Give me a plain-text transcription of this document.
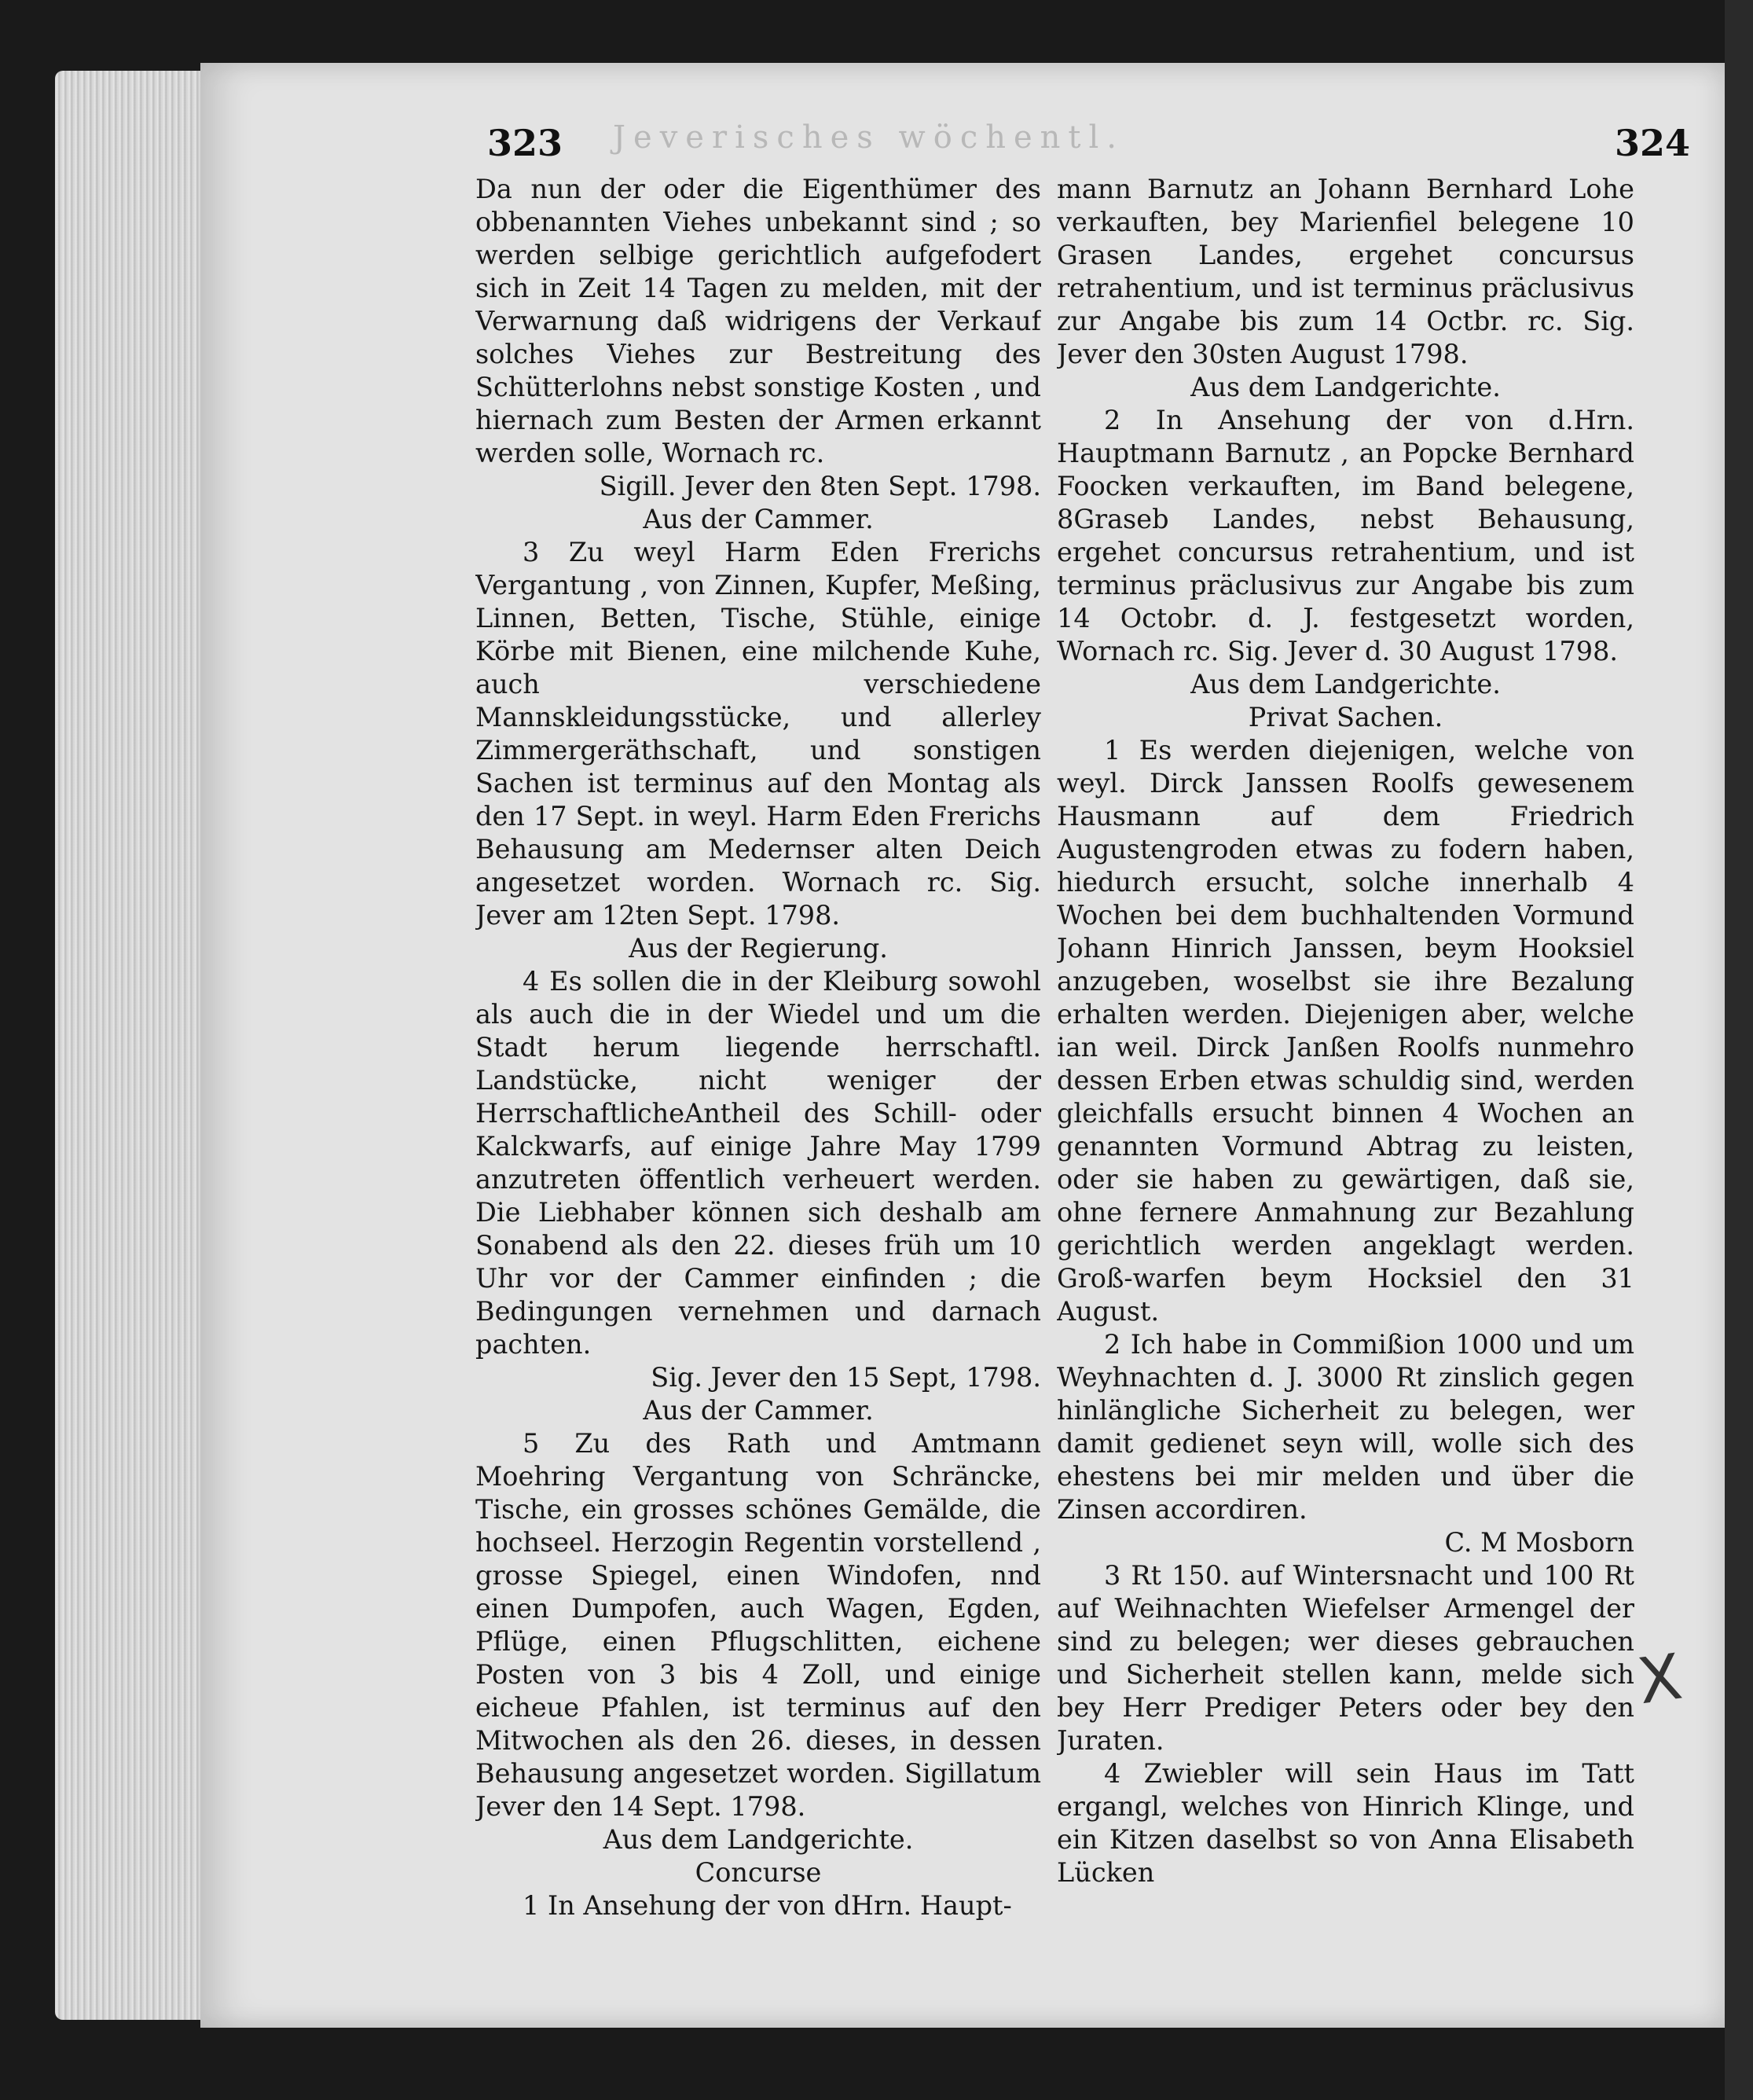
Jeverisches wöchentl.
323	324

Da nun der oder die Eigenthümer des obbenannten Viehes unbekannt sind ; so werden selbige gerichtlich aufgefodert sich in Zeit 14 Tagen zu melden, mit der Verwarnung daß widrigens der Verkauf solches Viehes zur Bestreitung des Schütterlohns nebst sonstige Kosten , und hiernach zum Besten der Armen erkannt werden solle, Wornach rc.

Sigill. Jever den 8ten Sept. 1798.

Aus der Cammer.

3 Zu weyl Harm Eden Frerichs Vergantung , von Zinnen, Kupfer, Meßing, Linnen, Betten, Tische, Stühle, einige Körbe mit Bienen, eine milchende Kuhe, auch verschiedene Mannskleidungsstücke, und allerley Zimmergeräthschaft, und sonstigen Sachen ist terminus auf den Montag als den 17 Sept. in weyl. Harm Eden Frerichs Behausung am Medernser alten Deich angesetzet worden. Wornach rc. Sig. Jever am 12ten Sept. 1798.

Aus der Regierung.

4 Es sollen die in der Kleiburg sowohl als auch die in der Wiedel und um die Stadt herum liegende herrschaftl. Landstücke, nicht weniger der HerrschaftlicheAntheil des Schill- oder Kalckwarfs, auf einige Jahre May 1799 anzutreten öffentlich verheuert werden. Die Liebhaber können sich deshalb am Sonabend als den 22. dieses früh um 10 Uhr vor der Cammer einfinden ; die Bedingungen vernehmen und darnach pachten.

Sig. Jever den 15 Sept, 1798.

Aus der Cammer.

5 Zu des Rath und Amtmann Moehring Vergantung von Schräncke, Tische, ein grosses schönes Gemälde, die hochseel. Herzogin Regentin vorstellend , grosse Spiegel, einen Windofen, nnd einen Dumpofen, auch Wagen, Egden, Pflüge, einen Pflugschlitten, eichene Posten von 3 bis 4 Zoll, und einige eicheue Pfahlen, ist terminus auf den Mitwochen als den 26. dieses, in dessen Behausung angesetzet worden. Sigillatum Jever den 14 Sept. 1798.

Aus dem Landgerichte.

Concurse

1 In Ansehung der von dHrn. Haupt-

mann Barnutz an Johann Bernhard Lohe verkauften, bey Marienfiel belegene 10 Grasen Landes, ergehet concursus retrahentium, und ist terminus präclusivus zur Angabe bis zum 14 Octbr. rc. Sig. Jever den 30sten August 1798.

Aus dem Landgerichte.

2 In Ansehung der von d.Hrn. Hauptmann Barnutz , an Popcke Bernhard Foocken verkauften, im Band belegene, 8Graseb Landes, nebst Behausung, ergehet concursus retrahentium, und ist terminus präclusivus zur Angabe bis zum 14 Octobr. d. J. festgesetzt worden, Wornach rc. Sig. Jever d. 30 August 1798.

Aus dem Landgerichte.

Privat Sachen.

1 Es werden diejenigen, welche von weyl. Dirck Janssen Roolfs gewesenem Hausmann auf dem Friedrich Augustengroden etwas zu fodern haben, hiedurch ersucht, solche innerhalb 4 Wochen bei dem buchhaltenden Vormund Johann Hinrich Janssen, beym Hooksiel anzugeben, woselbst sie ihre Bezalung erhalten werden. Diejenigen aber, welche ian weil. Dirck Janßen Roolfs nunmehro dessen Erben etwas schuldig sind, werden gleichfalls ersucht binnen 4 Wochen an genannten Vormund Abtrag zu leisten, oder sie haben zu gewärtigen, daß sie, ohne fernere Anmahnung zur Bezahlung gerichtlich werden angeklagt werden. Groß-warfen beym Hocksiel den 31 August.

2 Ich habe in Commißion 1000 und um Weyhnachten d. J. 3000 Rt zinslich gegen hinlängliche Sicherheit zu belegen, wer damit gedienet seyn will, wolle sich des ehestens bei mir melden und über die Zinsen accordiren.

C. M Mosborn

3 Rt 150. auf Wintersnacht und 100 Rt auf Weihnachten Wiefelser Armengel der sind zu belegen; wer dieses gebrauchen und Sicherheit stellen kann, melde sich bey Herr Prediger Peters oder bey den Juraten.

4 Zwiebler will sein Haus im Tatt ergangl, welches von Hinrich Klinge, und ein Kitzen daselbst so von Anna Elisabeth Lücken

X
